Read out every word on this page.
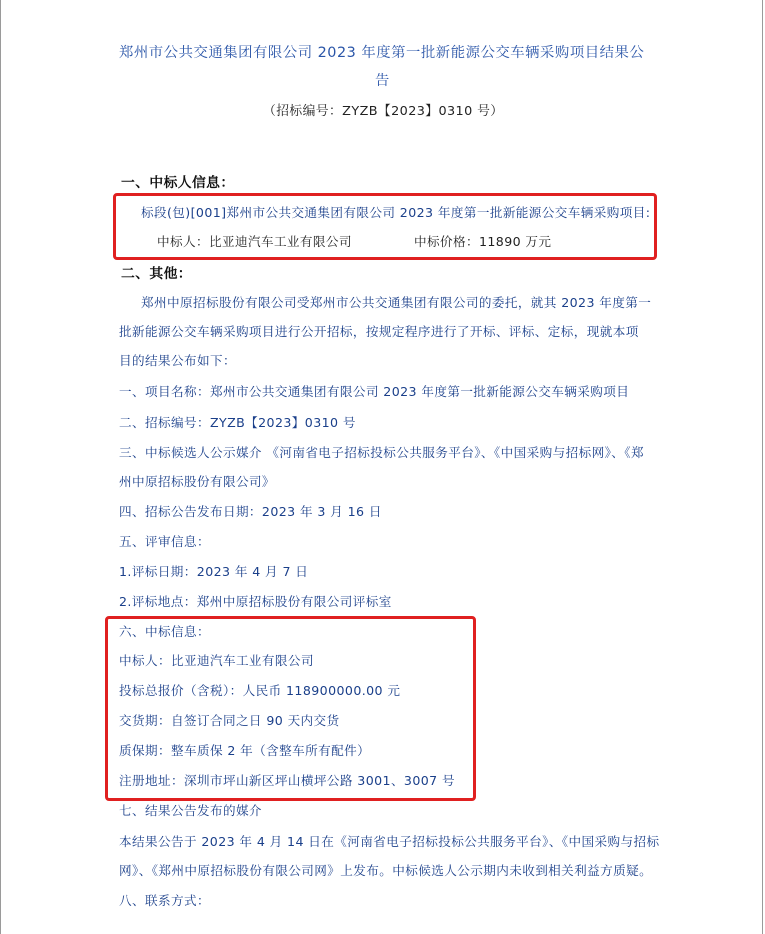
郑州市公共交通集团有限公司 2023 年度第一批新能源公交车辆采购项目结果公
告
（招标编号：ZYZB【2023】0310 号）
一、中标人信息：
标段(包)[001]郑州市公共交通集团有限公司 2023 年度第一批新能源公交车辆采购项目:
中标人：比亚迪汽车工业有限公司	中标价格：11890 万元
二、其他：
郑州中原招标股份有限公司受郑州市公共交通集团有限公司的委托，就其 2023 年度第一
批新能源公交车辆采购项目进行公开招标，按规定程序进行了开标、评标、定标，现就本项
目的结果公布如下：
一、项目名称：郑州市公共交通集团有限公司 2023 年度第一批新能源公交车辆采购项目
二、招标编号：ZYZB【2023】0310 号
三、中标候选人公示媒介 《河南省电子招标投标公共服务平台》、《中国采购与招标网》、《郑
州中原招标股份有限公司》
四、招标公告发布日期：2023 年 3 月 16 日
五、评审信息：
1.评标日期：2023 年 4 月 7 日
2.评标地点：郑州中原招标股份有限公司评标室
六、中标信息：
中标人：比亚迪汽车工业有限公司
投标总报价（含税）：人民币 118900000.00 元
交货期：自签订合同之日 90 天内交货
质保期：整车质保 2 年（含整车所有配件）
注册地址：深圳市坪山新区坪山横坪公路 3001、3007 号
七、结果公告发布的媒介
本结果公告于 2023 年 4 月 14 日在《河南省电子招标投标公共服务平台》、《中国采购与招标
网》、《郑州中原招标股份有限公司网》上发布。中标候选人公示期内未收到相关利益方质疑。
八、联系方式：
